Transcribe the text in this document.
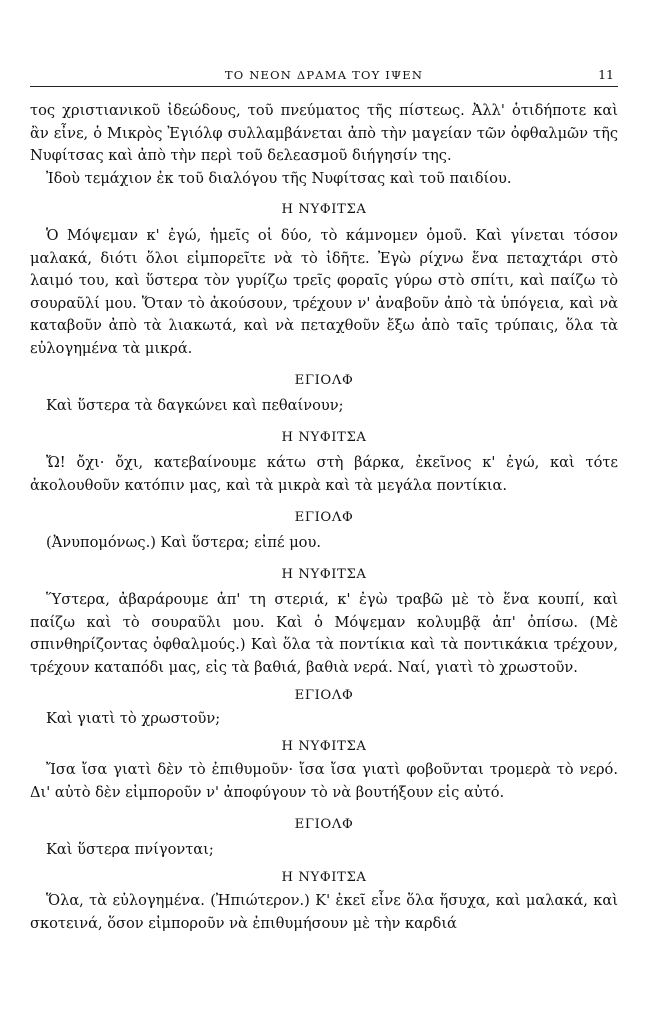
ΤΟ ΝΕΟΝ ΔΡΑΜΑ ΤΟΥ ΙΨΕΝ	11

τος χριστιανικοῦ ἰδεώδους, τοῦ πνεύματος τῆς πίστεως. Ἀλλ' ὁτιδήποτε καὶ ἂν εἶνε, ὁ Μικρὸς Ἐγιόλφ συλλαμβάνεται ἀπὸ τὴν μαγείαν τῶν ὀφθαλμῶν τῆς Νυφίτσας καὶ ἀπὸ τὴν περὶ τοῦ δελεασμοῦ διήγησίν της.

Ἰδοὺ τεμάχιον ἐκ τοῦ διαλόγου τῆς Νυφίτσας καὶ τοῦ παιδίου.

Η ΝΥΦΙΤΣΑ

Ὁ Μόψεμαν κ' ἐγώ, ἡμεῖς οἱ δύο, τὸ κάμνομεν ὁμοῦ. Καὶ γίνεται τόσον μαλακά, διότι ὅλοι εἰμπορεῖτε νὰ τὸ ἰδῆτε. Ἐγὼ ρίχνω ἕνα πεταχτάρι στὸ λαιμό του, καὶ ὕστερα τὸν γυρίζω τρεῖς φοραῖς γύρω στὸ σπίτι, καὶ παίζω τὸ σουραῦλί μου. Ὅταν τὸ ἀκούσουν, τρέχουν ν' ἀναβοῦν ἀπὸ τὰ ὑπόγεια, καὶ νὰ καταβοῦν ἀπὸ τὰ λιακωτά, καὶ νὰ πεταχθοῦν ἔξω ἀπὸ ταῖς τρύπαις, ὅλα τὰ εὐλογημένα τὰ μικρά.

ΕΓΙΟΛΦ

Καὶ ὕστερα τὰ δαγκώνει καὶ πεθαίνουν;

Η ΝΥΦΙΤΣΑ

Ὤ! ὄχι· ὄχι, κατεβαίνουμε κάτω στὴ βάρκα, ἐκεῖνος κ' ἐγώ, καὶ τότε ἀκολουθοῦν κατόπιν μας, καὶ τὰ μικρὰ καὶ τὰ μεγάλα ποντίκια.

ΕΓΙΟΛΦ

(Ἀνυπομόνως.) Καὶ ὕστερα; εἰπέ μου.

Η ΝΥΦΙΤΣΑ

Ὕστερα, ἀβαράρουμε ἀπ' τη στεριά, κ' ἐγὼ τραβῶ μὲ τὸ ἕνα κουπί, καὶ παίζω καὶ τὸ σουραῦλι μου. Καὶ ὁ Μόψεμαν κολυμβᾷ ἀπ' ὀπίσω. (Μὲ σπινθηρίζοντας ὀφθαλμούς.) Καὶ ὅλα τὰ ποντίκια καὶ τὰ ποντικάκια τρέχουν, τρέχουν καταπόδι μας, εἰς τὰ βαθιά, βαθιὰ νερά. Ναί, γιατὶ τὸ χρωστοῦν.

ΕΓΙΟΛΦ

Καὶ γιατὶ τὸ χρωστοῦν;

Η ΝΥΦΙΤΣΑ

Ἴσα ἴσα γιατὶ δὲν τὸ ἐπιθυμοῦν· ἴσα ἴσα γιατὶ φοβοῦνται τρομερὰ τὸ νερό. Δι' αὐτὸ δὲν εἰμποροῦν ν' ἀποφύγουν τὸ νὰ βουτήξουν εἰς αὐτό.

ΕΓΙΟΛΦ

Καὶ ὕστερα πνίγονται;

Η ΝΥΦΙΤΣΑ

Ὅλα, τὰ εὐλογημένα. (Ἠπιώτερον.) Κ' ἐκεῖ εἶνε ὅλα ἥσυχα, καὶ μαλακά, καὶ σκοτεινά, ὅσον εἰμποροῦν νὰ ἐπιθυμήσουν μὲ τὴν καρδιά
